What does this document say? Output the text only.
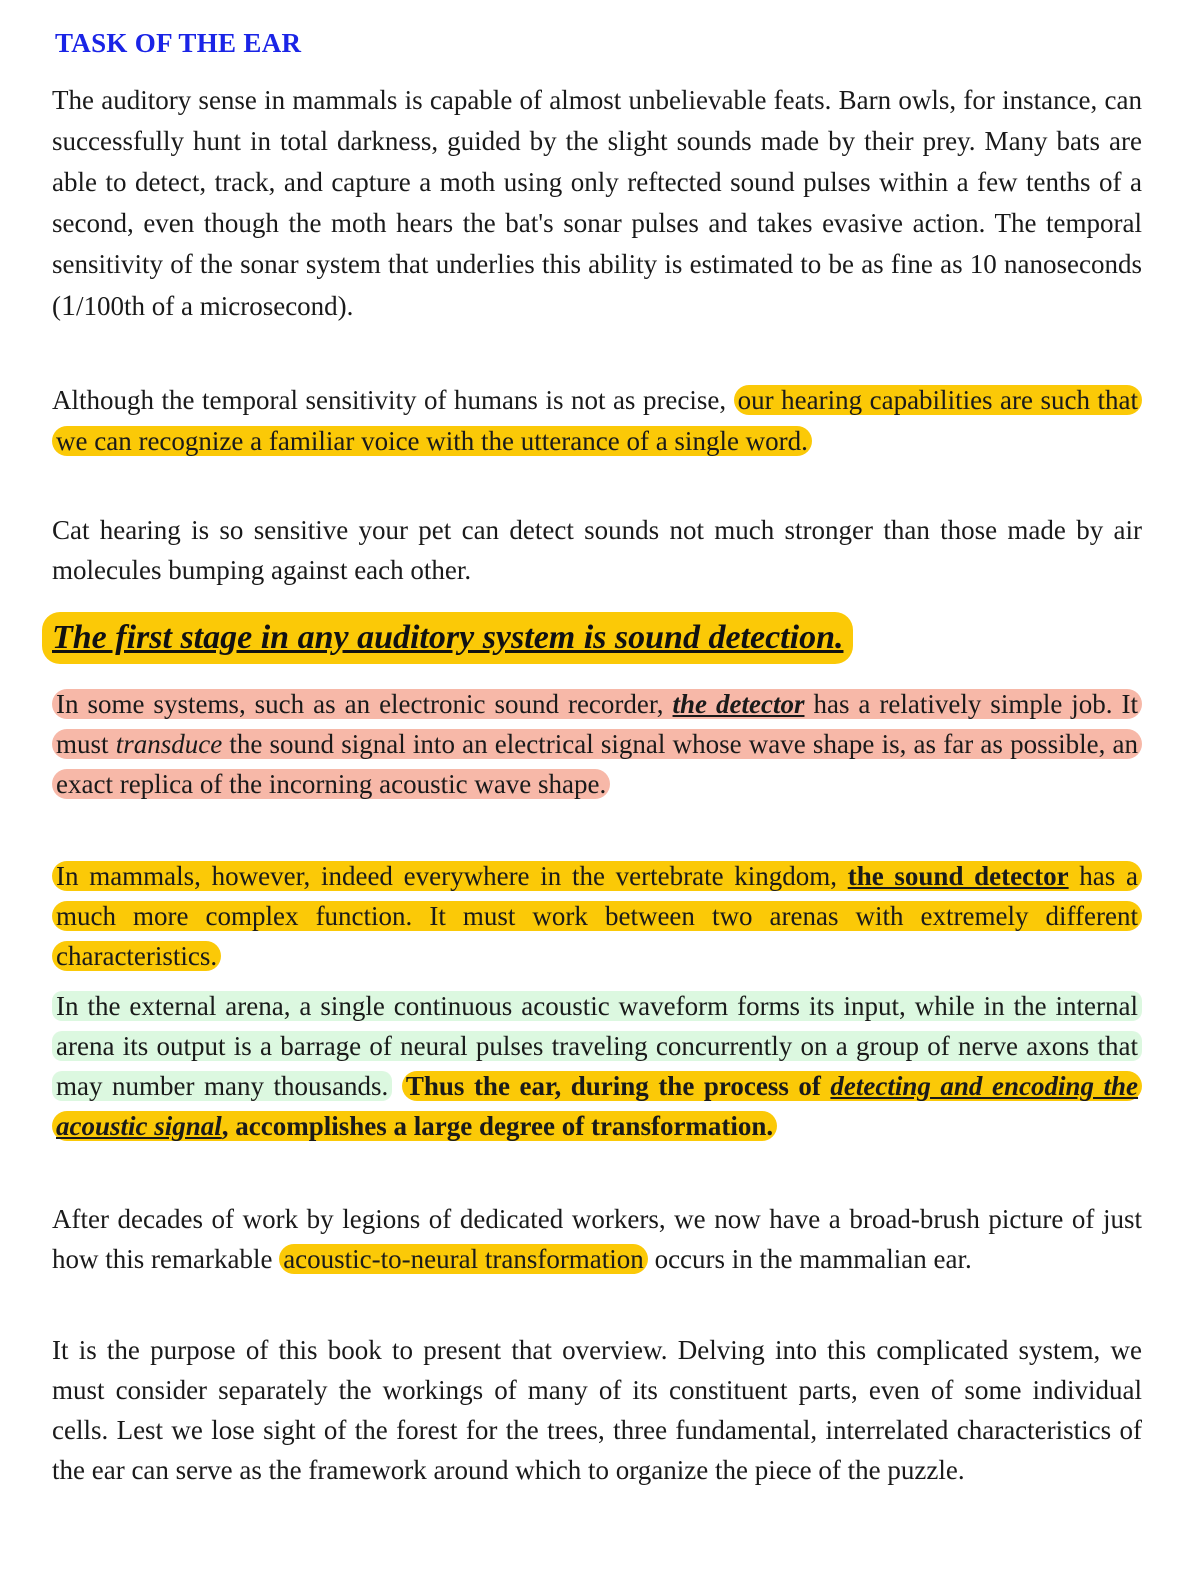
TASK OF THE EAR

The auditory sense in mammals is capable of almost unbelievable feats. Barn owls, for instance, can successfully hunt in total darkness, guided by the slight sounds made by their prey. Many bats are able to detect, track, and capture a moth using only reftected sound pulses within a few tenths of a second, even though the moth hears the bat's sonar pulses and takes evasive action. The temporal sensitivity of the sonar system that underlies this ability is estimated to be as fine as 10 nanoseconds (1/100th of a microsecond).

Although the temporal sensitivity of humans is not as precise, our hearing capabilities are such that we can recognize a familiar voice with the utterance of a single word.

Cat hearing is so sensitive your pet can detect sounds not much stronger than those made by air molecules bumping against each other.

The first stage in any auditory system is sound detection.

In some systems, such as an electronic sound recorder, the detector has a relatively simple job. It must transduce the sound signal into an electrical signal whose wave shape is, as far as possible, an exact replica of the incorning acoustic wave shape.

In mammals, however, indeed everywhere in the vertebrate kingdom, the sound detector has a much more complex function. It must work between two arenas with extremely different characteristics.

In the external arena, a single continuous acoustic waveform forms its input, while in the internal arena its output is a barrage of neural pulses traveling concurrently on a group of nerve axons that may number many thousands. Thus the ear, during the process of detecting and encoding the acoustic signal, accomplishes a large degree of transformation.

After decades of work by legions of dedicated workers, we now have a broad-brush picture of just how this remarkable acoustic-to-neural transformation occurs in the mammalian ear.

It is the purpose of this book to present that overview. Delving into this complicated system, we must consider separately the workings of many of its constituent parts, even of some individual cells. Lest we lose sight of the forest for the trees, three fundamental, interrelated characteristics of the ear can serve as the framework around which to organize the piece of the puzzle.
